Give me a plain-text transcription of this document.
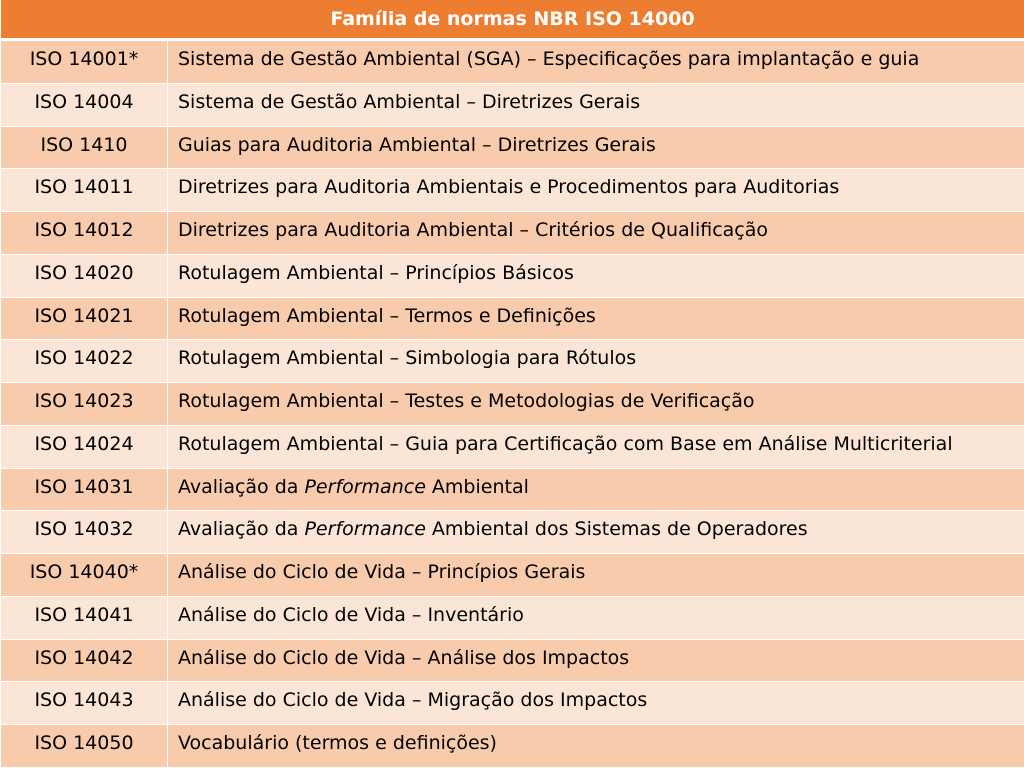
Família de normas NBR ISO 14000	
ISO 14001*	Sistema de Gestão Ambiental (SGA) – Especificações para implantação e guia
ISO 14004	Sistema de Gestão Ambiental – Diretrizes Gerais
ISO 1410	Guias para Auditoria Ambiental – Diretrizes Gerais
ISO 14011	Diretrizes para Auditoria Ambientais e Procedimentos para Auditorias
ISO 14012	Diretrizes para Auditoria Ambiental – Critérios de Qualificação
ISO 14020	Rotulagem Ambiental – Princípios Básicos
ISO 14021	Rotulagem Ambiental – Termos e Definições
ISO 14022	Rotulagem Ambiental – Simbologia para Rótulos
ISO 14023	Rotulagem Ambiental – Testes e Metodologias de Verificação
ISO 14024	Rotulagem Ambiental – Guia para Certificação com Base em Análise Multicriterial
ISO 14031	Avaliação da Performance Ambiental
ISO 14032	Avaliação da Performance Ambiental dos Sistemas de Operadores
ISO 14040*	Análise do Ciclo de Vida – Princípios Gerais
ISO 14041	Análise do Ciclo de Vida – Inventário
ISO 14042	Análise do Ciclo de Vida – Análise dos Impactos
ISO 14043	Análise do Ciclo de Vida – Migração dos Impactos
ISO 14050	Vocabulário (termos e definições)
